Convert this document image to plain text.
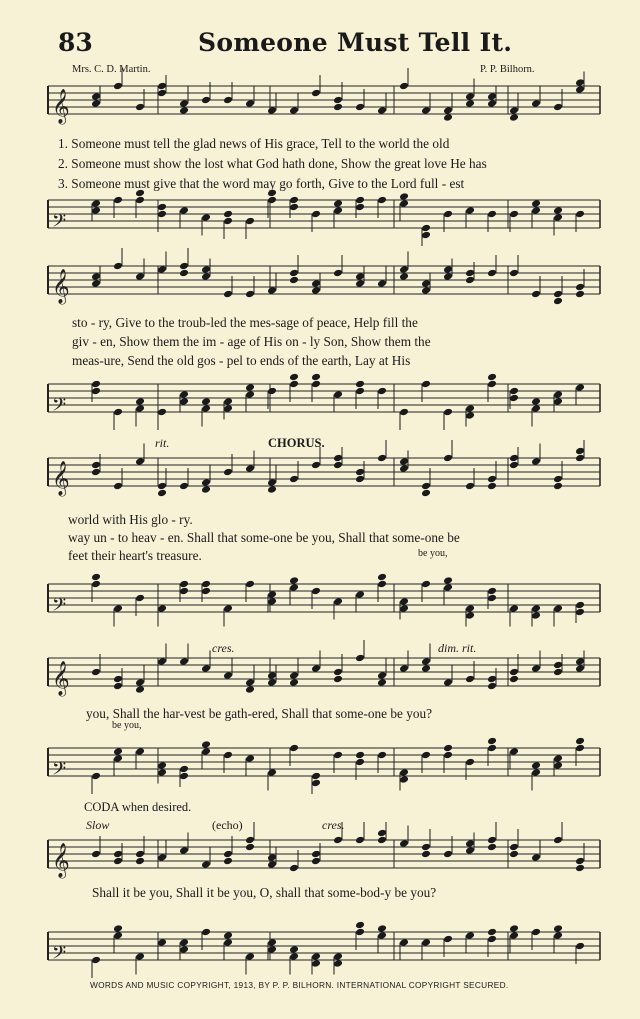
83	Someone Must Tell It.
Mrs. C. D. Martin.	P. P. Bilhorn.
𝄞
𝄢
1. Someone must tell the glad news of His grace, Tell to the world the old
2. Someone must show the lost what God hath done, Show the great love He has
3. Someone must give that the word may go forth, Give to the Lord full - est
𝄞
𝄢
sto - ry, Give to the troub-led the mes-sage of peace, Help fill the
giv - en, Show them the im - age of His on - ly Son, Show them the
meas-ure, Send the old gos - pel to ends of the earth, Lay at His
rit.	CHORUS.
𝄞
𝄢
world with His glo - ry.
way un - to heav - en. Shall that some-one be you, Shall that some-one be
feet their heart's treasure.	be you,
cres.	dim. rit.
𝄞
𝄢
you, Shall the har-vest be gath-ered, Shall that some-one be you?
be you,
CODA when desired.
Slow	(echo)	cres.
𝄞
𝄢
Shall it be you, Shall it be you, O, shall that some-bod-y be you?
WORDS AND MUSIC COPYRIGHT, 1913, BY P. P. BILHORN. INTERNATIONAL COPYRIGHT SECURED.
